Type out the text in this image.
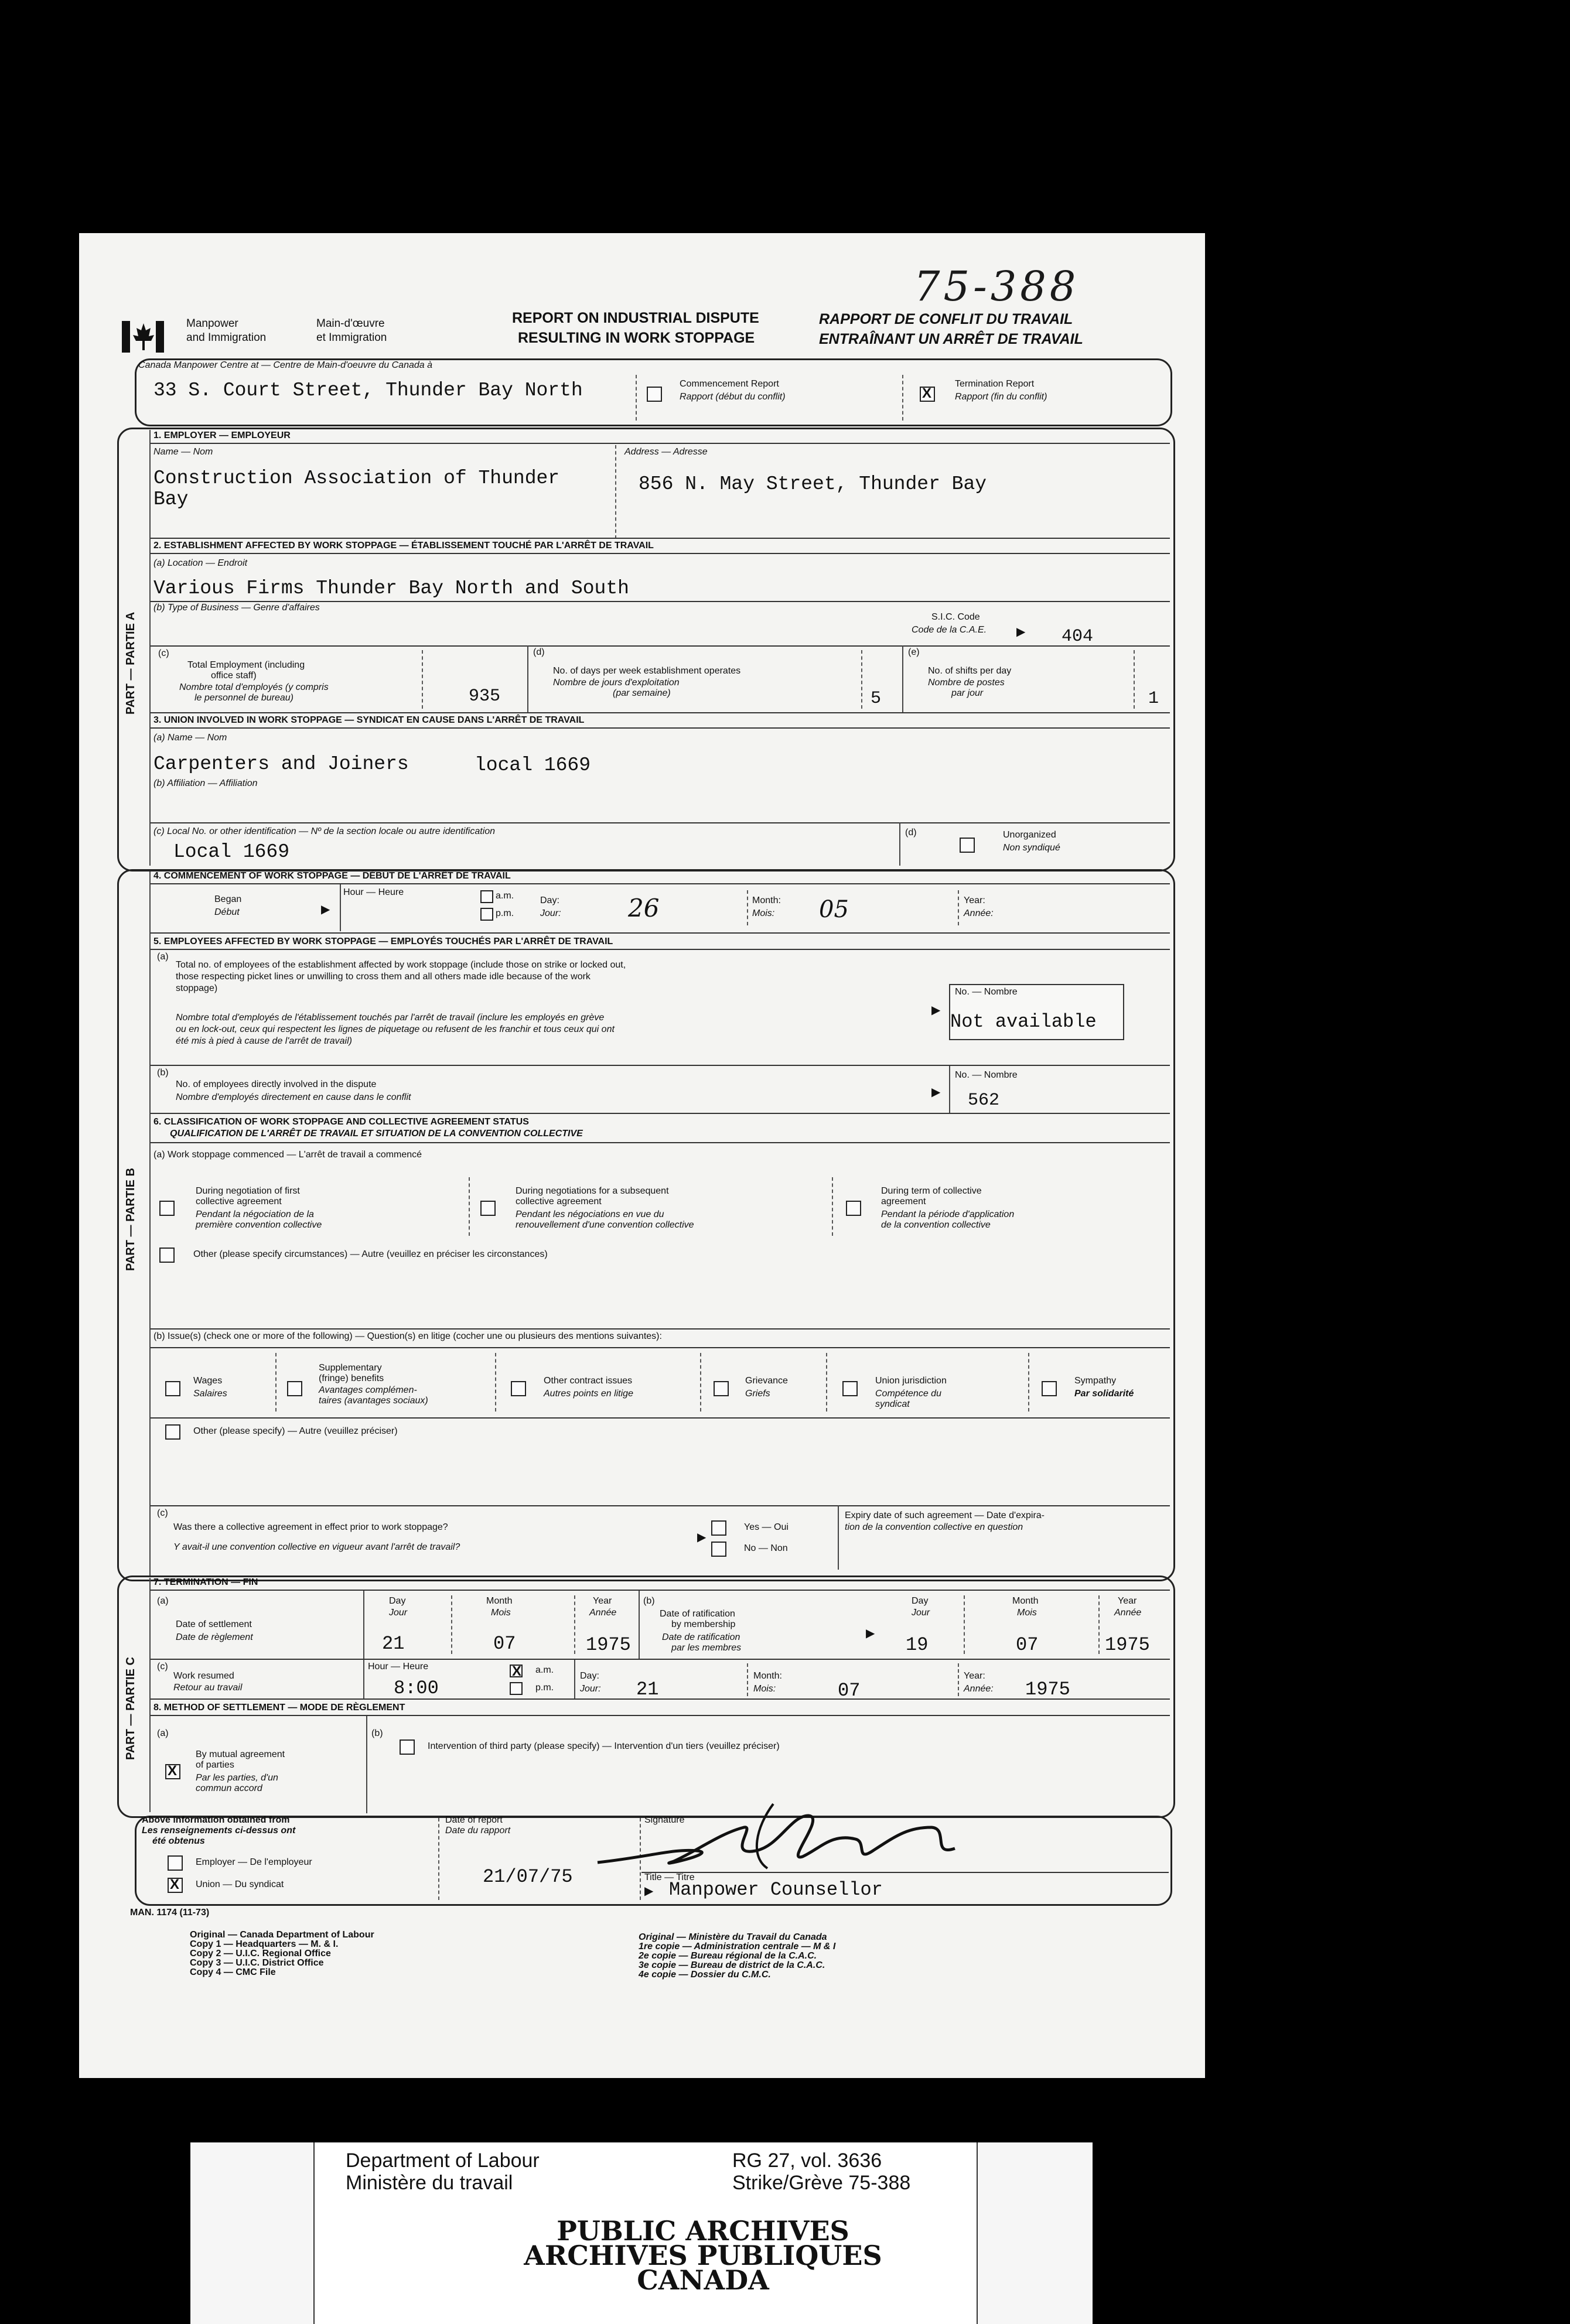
75-388
Manpower
and Immigration
Main-d'œuvre
et Immigration
REPORT ON INDUSTRIAL DISPUTE
RESULTING IN WORK STOPPAGE
RAPPORT DE CONFLIT DU TRAVAIL
ENTRAÎNANT UN ARRÊT DE TRAVAIL
Canada Manpower Centre at — Centre de Main-d'oeuvre du Canada à
33 S. Court Street, Thunder Bay North	Commencement Report
Rapport (début du conflit)
X
Termination Report
Rapport (fin du conflit)
PART — PARTIE A
1. EMPLOYER — EMPLOYEUR
Name — Nom
Construction Association of Thunder
Bay
Address — Adresse
856 N. May Street, Thunder Bay
2. ESTABLISHMENT AFFECTED BY WORK STOPPAGE — ÉTABLISSEMENT TOUCHÉ PAR L'ARRÊT DE TRAVAIL
(a) Location — Endroit
Various Firms Thunder Bay North and South
(b) Type of Business — Genre d'affaires
S.I.C. Code
Code de la C.A.E.	▶ 404
(c)
Total Employment (including
office staff)
Nombre total d'employés (y compris
le personnel de bureau)	935
(d)
No. of days per week establishment operates
Nombre de jours d'exploitation
(par semaine)	5
(e)
No. of shifts per day
Nombre de postes
par jour	1
3. UNION INVOLVED IN WORK STOPPAGE — SYNDICAT EN CAUSE DANS L'ARRÊT DE TRAVAIL
(a) Name — Nom
Carpenters and Joiners	local 1669
(b) Affiliation — Affiliation
(c) Local No. or other identification — Nº de la section locale ou autre identification
Local 1669
(d)	Unorganized
Non syndiqué
PART — PARTIE B
4. COMMENCEMENT OF WORK STOPPAGE — DÉBUT DE L'ARRÊT DE TRAVAIL
Began
Début	▶
Hour — Heure	a.m.
p.m.
Day:
Jour:	26	Month:
Mois: 05	Year:
Année:
5. EMPLOYEES AFFECTED BY WORK STOPPAGE — EMPLOYÉS TOUCHÉS PAR L'ARRÊT DE TRAVAIL
(a)
Total no. of employees of the establishment affected by work stoppage (include those on strike or locked out,
those respecting picket lines or unwilling to cross them and all others made idle because of the work
stoppage)
Nombre total d'employés de l'établissement touchés par l'arrêt de travail (inclure les employés en grève
ou en lock-out, ceux qui respectent les lignes de piquetage ou refusent de les franchir et tous ceux qui ont
été mis à pied à cause de l'arrêt de travail)
▶
No. — Nombre
Not available
(b)
No. of employees directly involved in the dispute
Nombre d'employés directement en cause dans le conflit	▶
No. — Nombre
562
6. CLASSIFICATION OF WORK STOPPAGE AND COLLECTIVE AGREEMENT STATUS
QUALIFICATION DE L'ARRÊT DE TRAVAIL ET SITUATION DE LA CONVENTION COLLECTIVE
(a) Work stoppage commenced — L'arrêt de travail a commencé
During negotiation of first
collective agreement
Pendant la négociation de la
première convention collective
During negotiations for a subsequent
collective agreement
Pendant les négociations en vue du
renouvellement d'une convention collective
During term of collective
agreement
Pendant la période d'application
de la convention collective
Other (please specify circumstances) — Autre (veuillez en préciser les circonstances)
(b) Issue(s) (check one or more of the following) — Question(s) en litige (cocher une ou plusieurs des mentions suivantes):
Wages
Salaires
Supplementary
(fringe) benefits
Avantages complémen-
taires (avantages sociaux)
Other contract issues
Autres points en litige
Grievance
Griefs
Union jurisdiction
Compétence du
syndicat
Sympathy
Par solidarité
Other (please specify) — Autre (veuillez préciser)
(c)
Was there a collective agreement in effect prior to work stoppage?
Y avait-il une convention collective en vigueur avant l'arrêt de travail?
▶
Yes — Oui
No — Non
Expiry date of such agreement — Date d'expira-
tion de la convention collective en question
PART — PARTIE C
7. TERMINATION — FIN
(a)
Date of settlement
Date de règlement
Day
Jour
21
Month
Mois
07
Year
Année
1975
(b)
Date of ratification
by membership
Date de ratification
par les membres
▶
Day
Jour
19
Month
Mois
07
Year
Année
1975
(c)
Work resumed
Retour au travail
Hour — Heure
8:00
X
a.m.
p.m.
Day:
Jour: 21
Month:
Mois:	07
Year:
Année: 1975
8. METHOD OF SETTLEMENT — MODE DE RÈGLEMENT
(a)
By mutual agreement
of parties
X
Par les parties, d'un
commun accord
(b)
Intervention of third party (please specify) — Intervention d'un tiers (veuillez préciser)
Above information obtained from
Les renseignements ci-dessus ont
été obtenus
Employer — De l'employeur
X
Union — Du syndicat
Date of report
Date du rapport
21/07/75
Signature
Title — Titre
▶ Manpower Counsellor
MAN. 1174 (11-73)
Original — Canada Department of Labour
Copy 1 — Headquarters — M. & I.
Copy 2 — U.I.C. Regional Office
Copy 3 — U.I.C. District Office
Copy 4 — CMC File
Original — Ministère du Travail du Canada
1re copie — Administration centrale — M & I
2e copie — Bureau régional de la C.A.C.
3e copie — Bureau de district de la C.A.C.
4e copie — Dossier du C.M.C.
Department of Labour
Ministère du travail
RG 27, vol. 3636
Strike/Grève 75-388
PUBLIC ARCHIVES
ARCHIVES PUBLIQUES
CANADA
